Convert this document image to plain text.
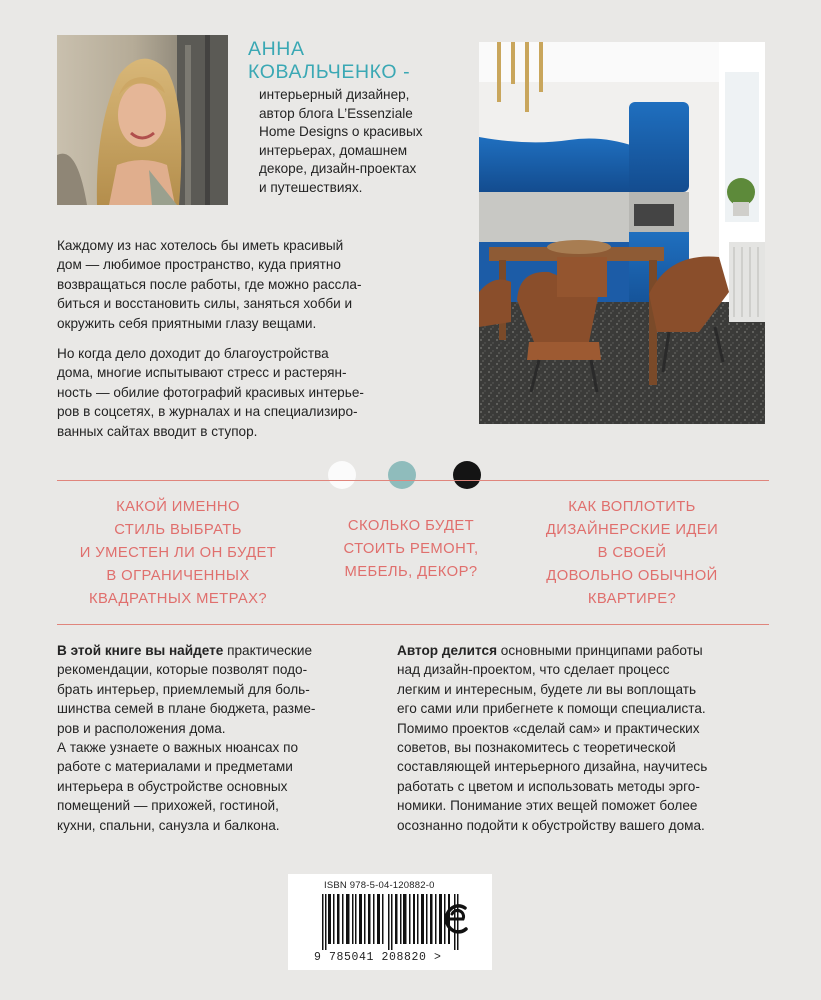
АННА
КОВАЛЬЧЕНКО -
интерьерный дизайнер,
автор блога L’Essenziale
Home Designs о красивых
интерьерах, домашнем
декоре, дизайн-проектах
и путешествиях.

Каждому из нас хотелось бы иметь красивый
дом — любимое пространство, куда приятно
возвращаться после работы, где можно рассла-
биться и восстановить силы, заняться хобби и
окружить себя приятными глазу вещами.

Но когда дело доходит до благоустройства
дома, многие испытывают стресс и растерян-
ность — обилие фотографий красивых интерье-
ров в соцсетях, в журналах и на специализиро-
ванных сайтах вводит в ступор.

КАКОЙ ИМЕННО
СТИЛЬ ВЫБРАТЬ
И УМЕСТЕН ЛИ ОН БУДЕТ
В ОГРАНИЧЕННЫХ
КВАДРАТНЫХ МЕТРАХ?
СКОЛЬКО БУДЕТ
СТОИТЬ РЕМОНТ,
МЕБЕЛЬ, ДЕКОР?
КАК ВОПЛОТИТЬ
ДИЗАЙНЕРСКИЕ ИДЕИ
В СВОЕЙ
ДОВОЛЬНО ОБЫЧНОЙ
КВАРТИРЕ?

В этой книге вы найдете практические
рекомендации, которые позволят подо-
брать интерьер, приемлемый для боль-
шинства семей в плане бюджета, разме-
ров и расположения дома.
А также узнаете о важных нюансах по
работе с материалами и предметами
интерьера в обустройстве основных
помещений — прихожей, гостиной,
кухни, спальни, санузла и балкона.

Автор делится основными принципами работы
над дизайн-проектом, что сделает процесс
легким и интересным, будете ли вы воплощать
его сами или прибегнете к помощи специалиста.
Помимо проектов «сделай сам» и практических
советов, вы познакомитесь с теоретической
составляющей интерьерного дизайна, научитесь
работать с цветом и использовать методы эрго-
номики. Понимание этих вещей поможет более
осознанно подойти к обустройству вашего дома.

ISBN 978-5-04-120882-0
9 785041 208820 >
